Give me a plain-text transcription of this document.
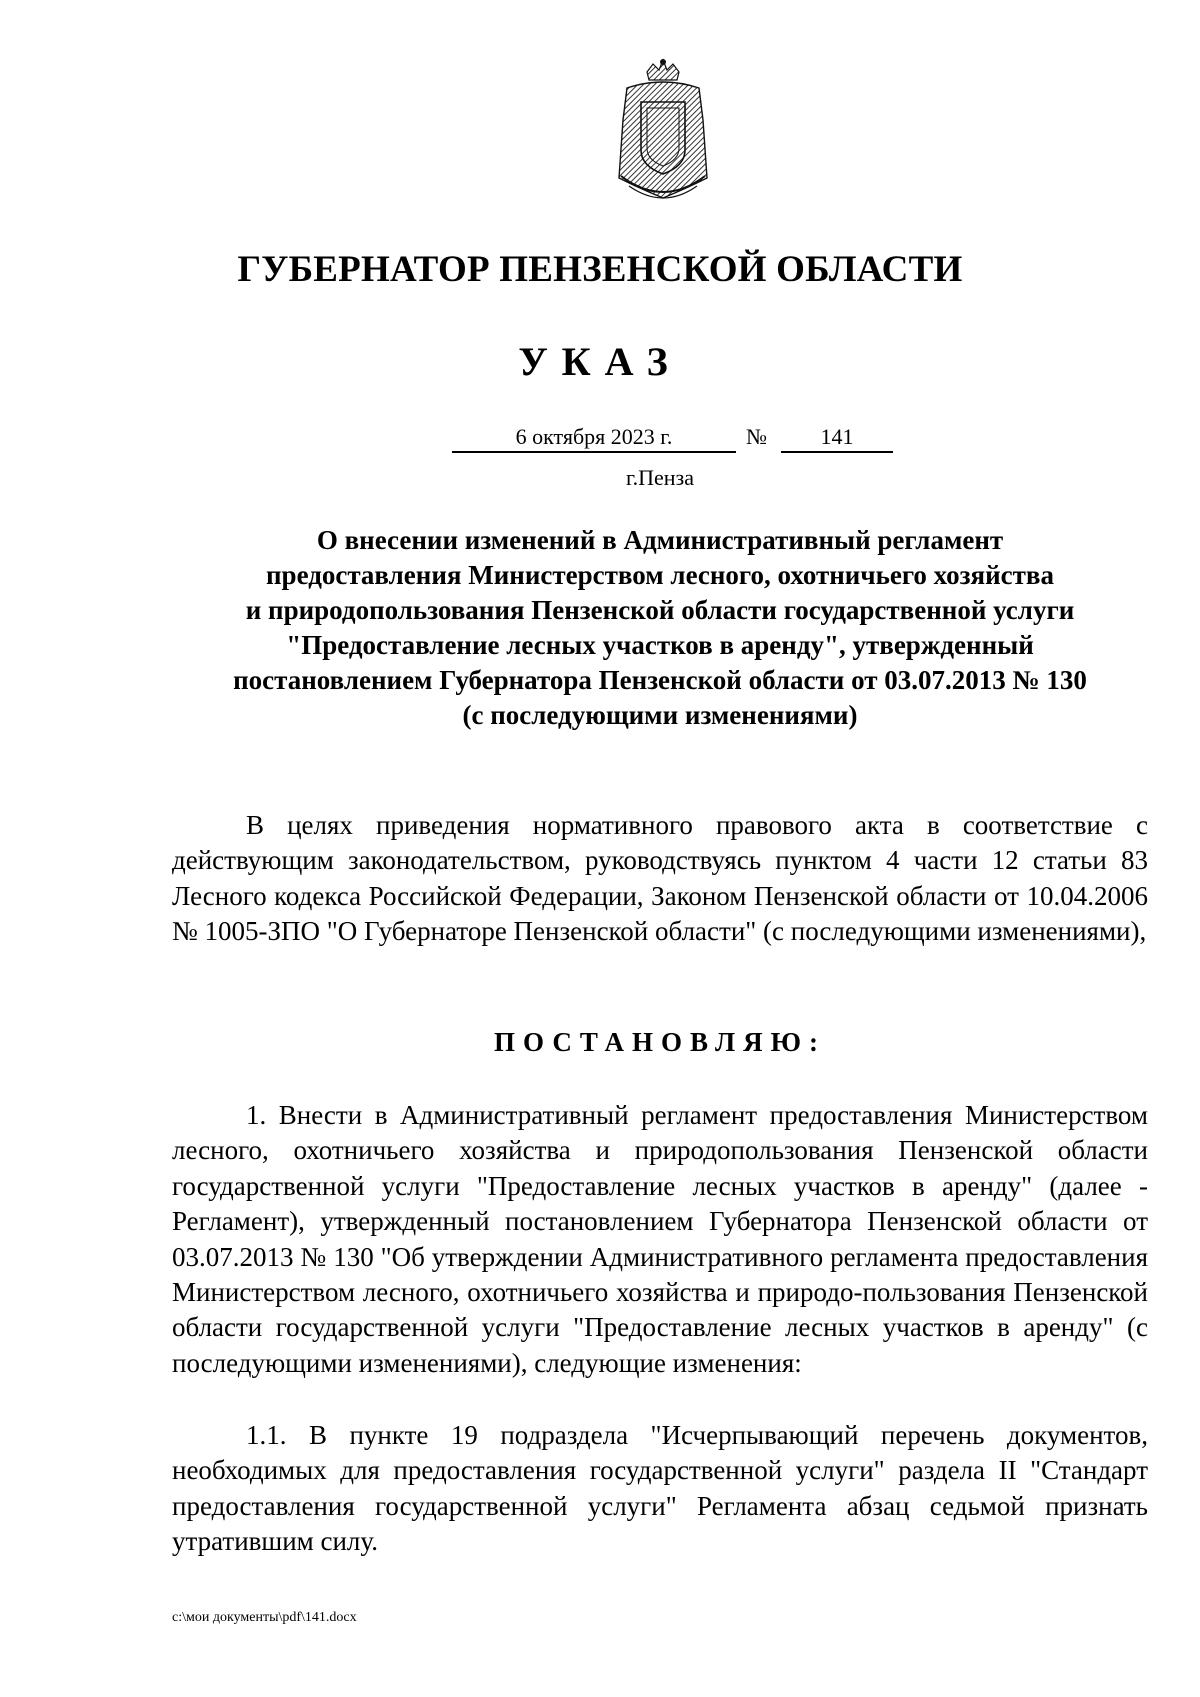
ГУБЕРНАТОР ПЕНЗЕНСКОЙ ОБЛАСТИ
УКАЗ
6 октября 2023 г.	№	141
г.Пенза
О внесении изменений в Административный регламент
предоставления Министерством лесного, охотничьего хозяйства
и природопользования Пензенской области государственной услуги
"Предоставление лесных участков в аренду", утвержденный
постановлением Губернатора Пензенской области от 03.07.2013 № 130
(с последующими изменениями)
В целях приведения нормативного правового акта в соответствие с действующим законодательством, руководствуясь пунктом 4 части 12 статьи 83 Лесного кодекса Российской Федерации, Законом Пензенской области от 10.04.2006 № 1005-ЗПО "О Губернаторе Пензенской области" (с последующими изменениями),
ПОСТАНОВЛЯЮ:
1. Внести в Административный регламент предоставления Министерством лесного, охотничьего хозяйства и природопользования Пензенской области государственной услуги "Предоставление лесных участков в аренду" (далее - Регламент), утвержденный постановлением Губернатора Пензенской области от 03.07.2013 № 130 "Об утверждении Административного регламента предоставления Министерством лесного, охотничьего хозяйства и природо-пользования Пензенской области государственной услуги "Предоставление лесных участков в аренду" (с последующими изменениями), следующие изменения:
1.1. В пункте 19 подраздела "Исчерпывающий перечень документов, необходимых для предоставления государственной услуги" раздела II "Стандарт предоставления государственной услуги" Регламента абзац седьмой признать утратившим силу.
c:\мои документы\pdf\141.docx
